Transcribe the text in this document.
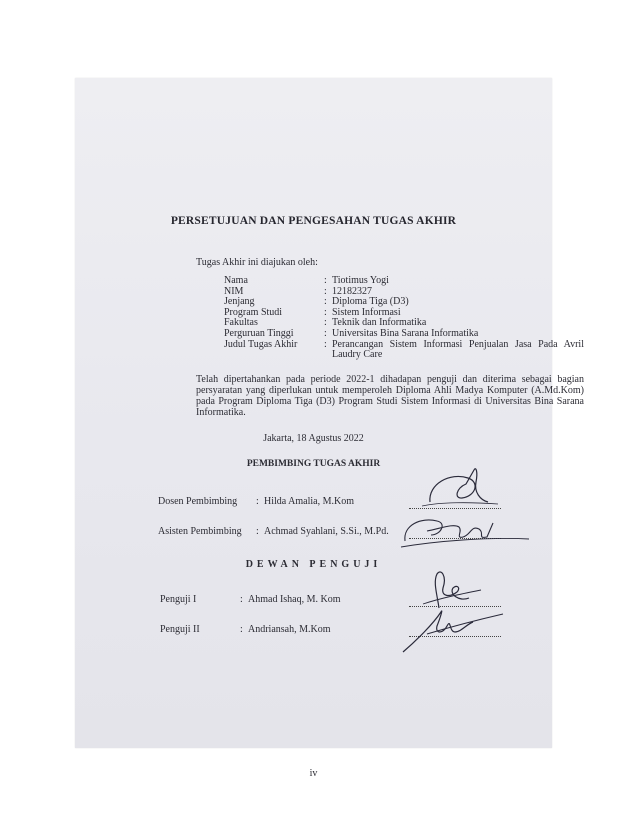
PERSETUJUAN DAN PENGESAHAN TUGAS AKHIR
Tugas Akhir ini diajukan oleh:
Nama	: Tiotimus Yogi
NIM	: 12182327
Jenjang	: Diploma Tiga (D3)
Program Studi	: Sistem Informasi
Fakultas	: Teknik dan Informatika
Perguruan Tinggi	: Universitas Bina Sarana Informatika
Judul Tugas Akhir	: Perancangan Sistem Informasi Penjualan Jasa Pada Avril Laudry Care
Telah dipertahankan pada periode 2022-1 dihadapan penguji dan diterima sebagai bagian persyaratan yang diperlukan untuk memperoleh Diploma Ahli Madya Komputer (A.Md.Kom) pada Program Diploma Tiga (D3) Program Studi Sistem Informasi di Universitas Bina Sarana Informatika.
Jakarta, 18 Agustus 2022
PEMBIMBING TUGAS AKHIR
Dosen Pembimbing	: Hilda Amalia, M.Kom
Asisten Pembimbing	: Achmad Syahlani, S.Si., M.Pd.
DEWAN PENGUJI
Penguji I	: Ahmad Ishaq, M. Kom
Penguji II	: Andriansah, M.Kom
iv
